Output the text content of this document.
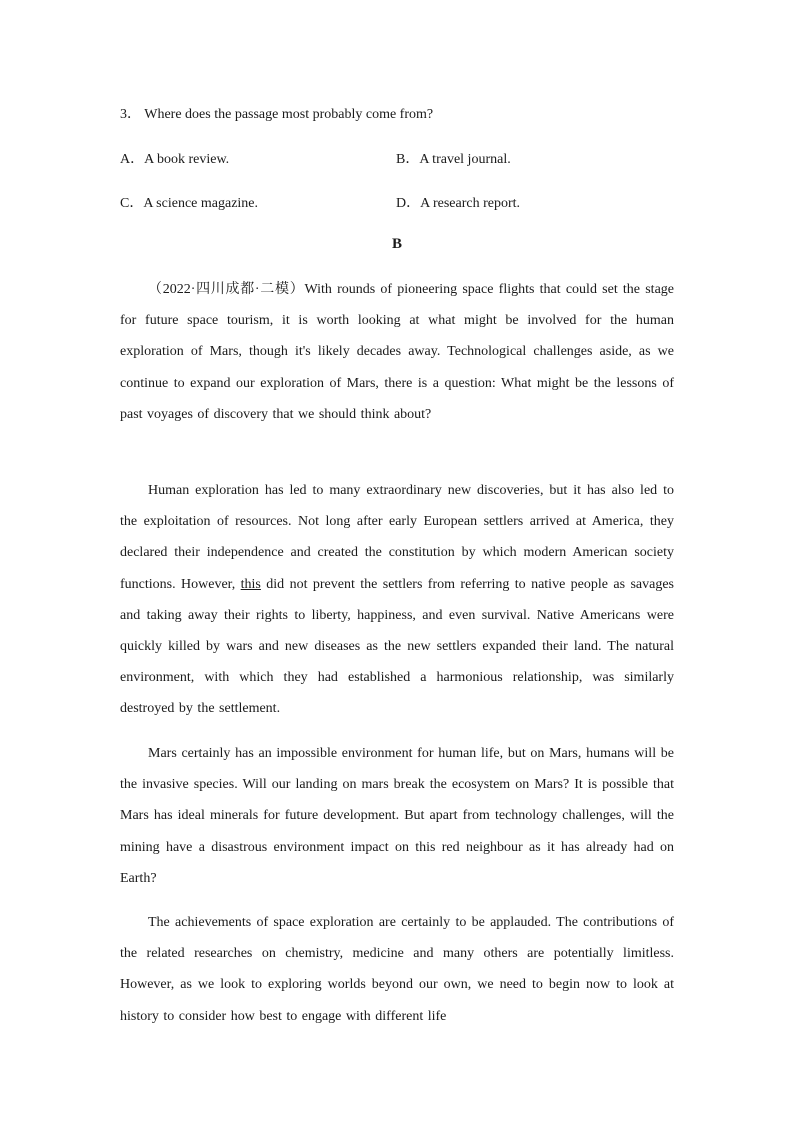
3． Where does the passage most probably come from?
A．A book review.	B．A travel journal.
C．A science magazine.	D．A research report.
B

（2022·四川成都·二模）With rounds of pioneering space flights that could set the stage for future space tourism, it is worth looking at what might be involved for the human exploration of Mars, though it's likely decades away. Technological challenges aside, as we continue to expand our exploration of Mars, there is a question: What might be the lessons of past voyages of discovery that we should think about?

Human exploration has led to many extraordinary new discoveries, but it has also led to the exploitation of resources. Not long after early European settlers arrived at America, they declared their independence and created the constitution by which modern American society functions. However, this did not prevent the settlers from referring to native people as savages and taking away their rights to liberty, happiness, and even survival. Native Americans were quickly killed by wars and new diseases as the new settlers expanded their land. The natural environment, with which they had established a harmonious relationship, was similarly destroyed by the settlement.

Mars certainly has an impossible environment for human life, but on Mars, humans will be the invasive species. Will our landing on mars break the ecosystem on Mars? It is possible that Mars has ideal minerals for future development. But apart from technology challenges, will the mining have a disastrous environment impact on this red neighbour as it has already had on Earth?

The achievements of space exploration are certainly to be applauded. The contributions of the related researches on chemistry, medicine and many others are potentially limitless. However, as we look to exploring worlds beyond our own, we need to begin now to look at history to consider how best to engage with different life
